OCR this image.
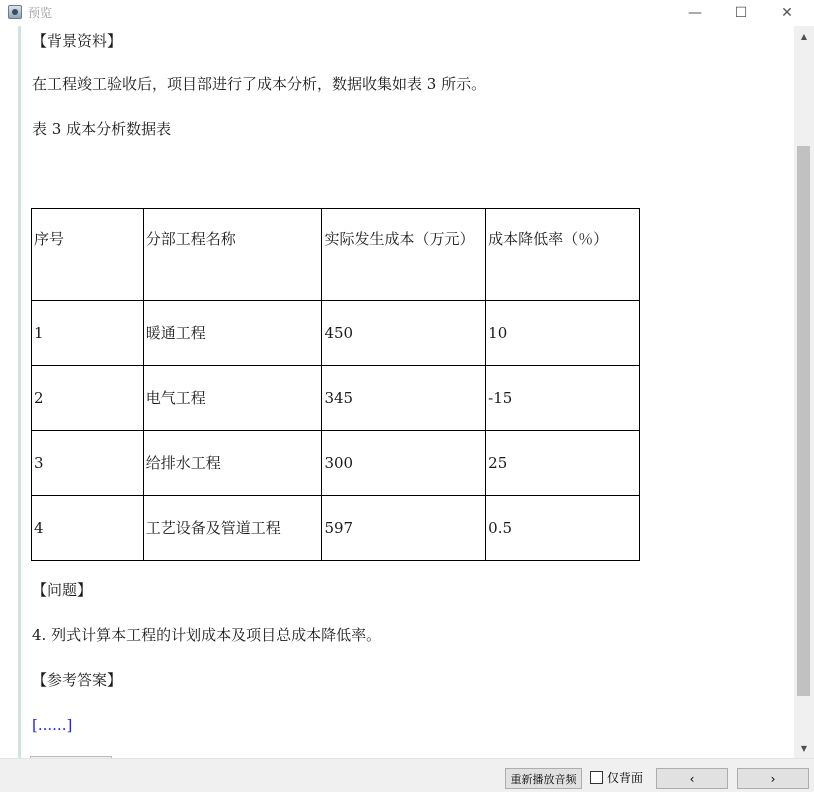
预览	—	☐	✕
【背景资料】
在工程竣工验收后，项目部进行了成本分析，数据收集如表 3 所示。
表 3 成本分析数据表
序号	分部工程名称	实际发生成本（万元）	成本降低率（％）
1	暖通工程	450	10
2	电气工程	345	-15
3	给排水工程	300	25
4	工艺设备及管道工程	597	0.5
【问题】
4. 列式计算本工程的计划成本及项目总成本降低率。
【参考答案】
[......]
▲
▼
重新播放音频	仅背面	‹	›
